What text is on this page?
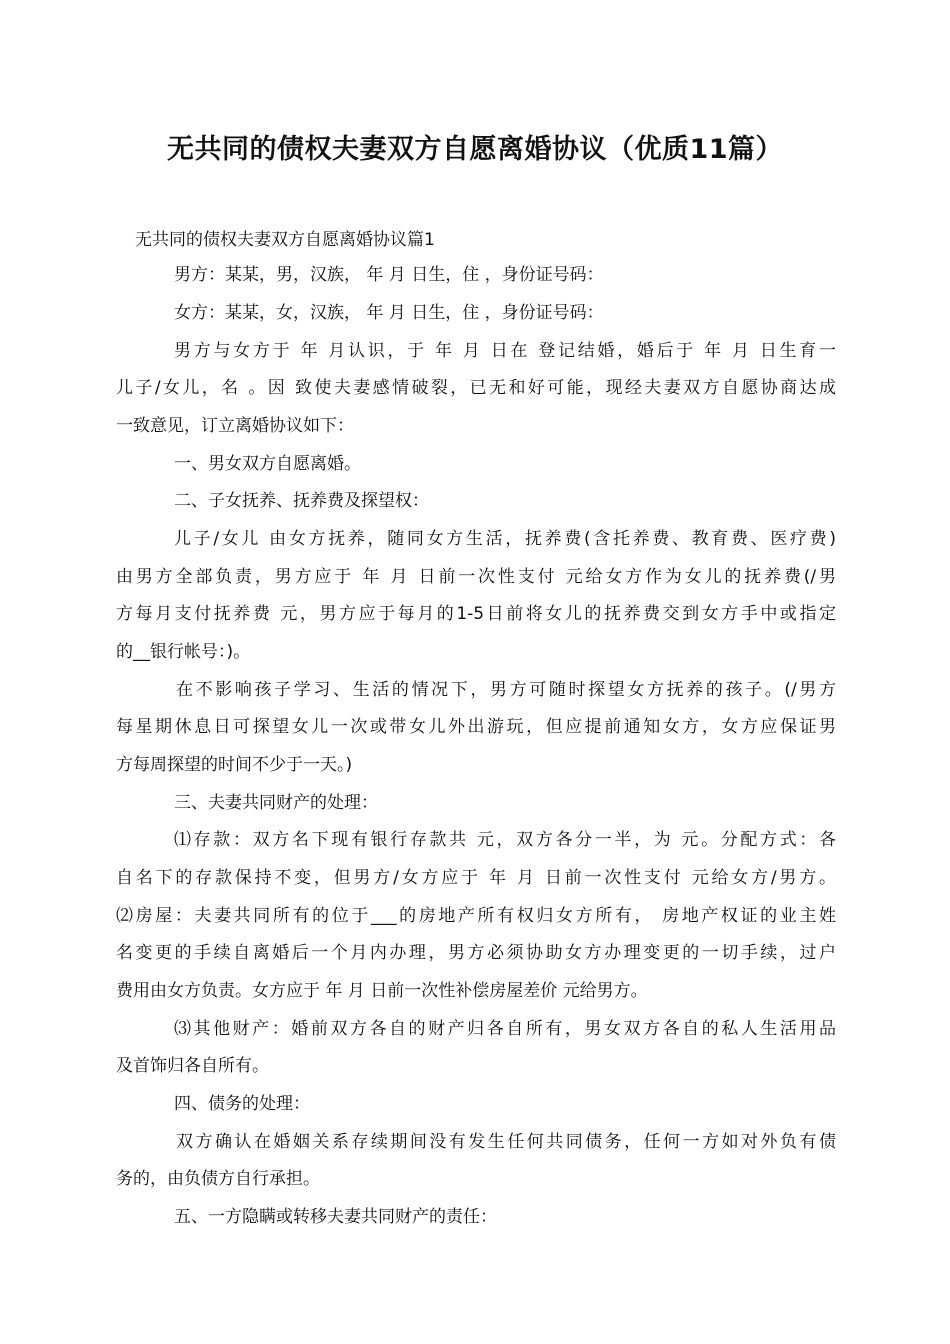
无共同的债权夫妻双方自愿离婚协议（优质11篇）
无共同的债权夫妻双方自愿离婚协议篇1
男方：某某，男，汉族， 年 月 日生，住 ，身份证号码：
女方：某某，女，汉族， 年 月 日生，住 ，身份证号码：
男方与女方于 年 月认识，于 年 月 日在 登记结婚，婚后于 年 月 日生育一
儿子/女儿，名 。因 致使夫妻感情破裂，已无和好可能，现经夫妻双方自愿协商达成
一致意见，订立离婚协议如下：
一、男女双方自愿离婚。
二、子女抚养、抚养费及探望权：
儿子/女儿 由女方抚养，随同女方生活，抚养费(含托养费、教育费、医疗费)
由男方全部负责，男方应于 年 月 日前一次性支付 元给女方作为女儿的抚养费(/男
方每月支付抚养费 元，男方应于每月的1-5日前将女儿的抚养费交到女方手中或指定
的__银行帐号：)。
在不影响孩子学习、生活的情况下，男方可随时探望女方抚养的孩子。(/男方
每星期休息日可探望女儿一次或带女儿外出游玩，但应提前通知女方，女方应保证男
方每周探望的时间不少于一天。)
三、夫妻共同财产的处理：
⑴存款：双方名下现有银行存款共 元，双方各分一半，为 元。分配方式：各
自名下的存款保持不变，但男方/女方应于 年 月 日前一次性支付 元给女方/男方。
⑵房屋：夫妻共同所有的位于___的房地产所有权归女方所有， 房地产权证的业主姓
名变更的手续自离婚后一个月内办理，男方必须协助女方办理变更的一切手续，过户
费用由女方负责。女方应于 年 月 日前一次性补偿房屋差价 元给男方。
⑶其他财产：婚前双方各自的财产归各自所有，男女双方各自的私人生活用品
及首饰归各自所有。
四、债务的处理：
双方确认在婚姻关系存续期间没有发生任何共同债务，任何一方如对外负有债
务的，由负债方自行承担。
五、一方隐瞒或转移夫妻共同财产的责任：
